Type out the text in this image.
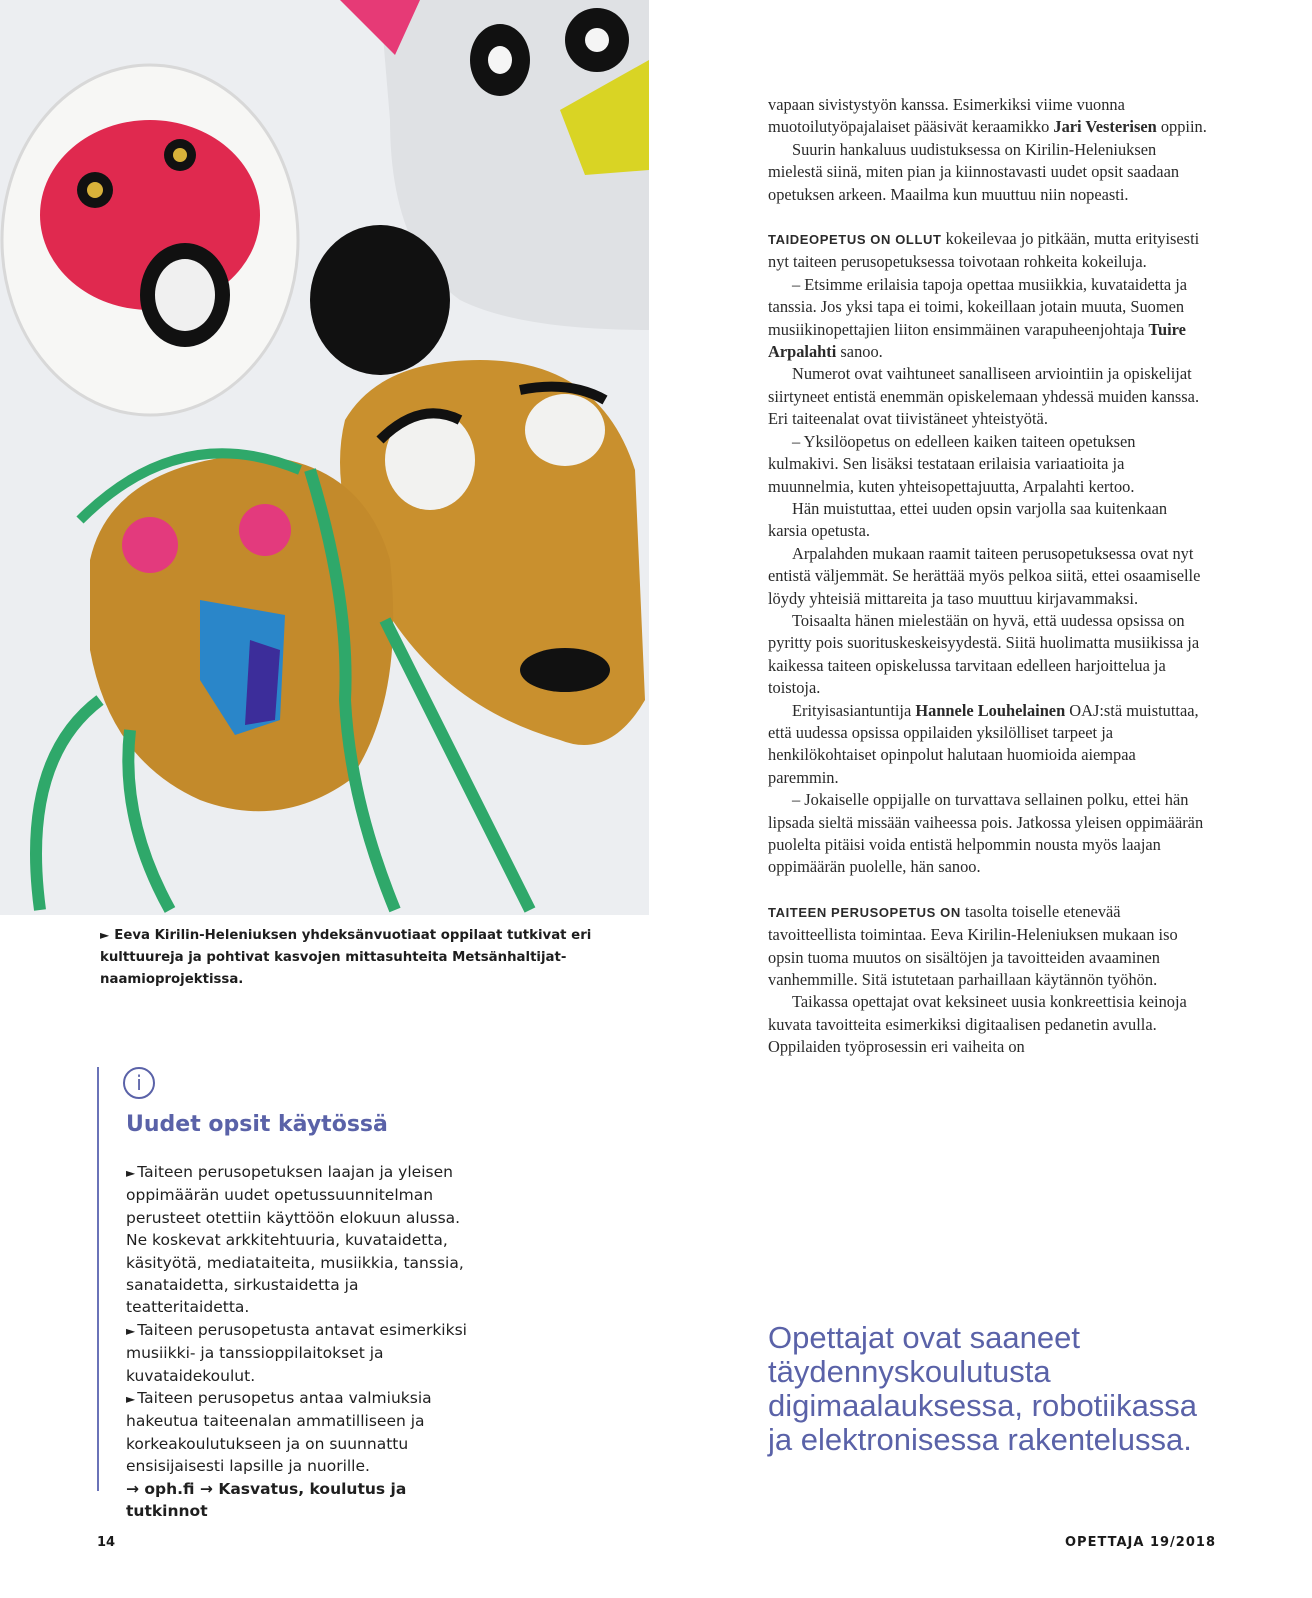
► Eeva Kirilin-Heleniuksen yhdeksänvuotiaat oppilaat tutkivat eri kulttuureja ja pohtivat kasvojen mittasuhteita Metsänhaltijat-naamioprojektissa.
i
Uudet opsit käytössä

► Taiteen perusopetuksen laajan ja yleisen oppimäärän uudet opetussuunnitelman perusteet otettiin käyttöön elokuun alussa. Ne koskevat arkkitehtuuria, kuvataidetta, käsityötä, mediataiteita, musiikkia, tanssia, sanataidetta, sirkustaidetta ja teatteritaidetta.

► Taiteen perusopetusta antavat esimerkiksi musiikki- ja tanssioppilaitokset ja kuvataidekoulut.

► Taiteen perusopetus antaa valmiuksia hakeutua taiteenalan ammatilliseen ja korkeakoulutukseen ja on suunnattu ensisijaisesti lapsille ja nuorille.

→ oph.fi → Kasvatus, koulutus ja tutkinnot

vapaan sivistystyön kanssa. Esimerkiksi viime vuonna muotoilutyöpajalaiset pääsivät keraamikko Jari Vesterisen oppiin.

Suurin hankaluus uudistuksessa on Kirilin-Heleniuksen mielestä siinä, miten pian ja kiinnostavasti uudet opsit saadaan opetuksen arkeen. Maailma kun muuttuu niin nopeasti.

TAIDEOPETUS ON OLLUT kokeilevaa jo pitkään, mutta erityisesti nyt taiteen perusopetuksessa toivotaan rohkeita kokeiluja.

– Etsimme erilaisia tapoja opettaa musiikkia, kuvataidetta ja tanssia. Jos yksi tapa ei toimi, kokeillaan jotain muuta, Suomen musiikinopettajien liiton ensimmäinen varapuheenjohtaja Tuire Arpalahti sanoo.

Numerot ovat vaihtuneet sanalliseen arviointiin ja opiskelijat siirtyneet entistä enemmän opiskelemaan yhdessä muiden kanssa. Eri taiteenalat ovat tiivistäneet yhteistyötä.

– Yksilöopetus on edelleen kaiken taiteen opetuksen kulmakivi. Sen lisäksi testataan erilaisia variaatioita ja muunnelmia, kuten yhteisopettajuutta, Arpalahti kertoo.

Hän muistuttaa, ettei uuden opsin varjolla saa kuitenkaan karsia opetusta.

Arpalahden mukaan raamit taiteen perusopetuksessa ovat nyt entistä väljemmät. Se herättää myös pelkoa siitä, ettei osaamiselle löydy yhteisiä mittareita ja taso muuttuu kirjavammaksi.

Toisaalta hänen mielestään on hyvä, että uudessa opsissa on pyritty pois suorituskeskeisyydestä. Siitä huolimatta musiikissa ja kaikessa taiteen opiskelussa tarvitaan edelleen harjoittelua ja toistoja.

Erityisasiantuntija Hannele Louhelainen OAJ:stä muistuttaa, että uudessa opsissa oppilaiden yksilölliset tarpeet ja henkilökohtaiset opinpolut halutaan huomioida aiempaa paremmin.

– Jokaiselle oppijalle on turvattava sellainen polku, ettei hän lipsada sieltä missään vaiheessa pois. Jatkossa yleisen oppimäärän puolelta pitäisi voida entistä helpommin nousta myös laajan oppimäärän puolelle, hän sanoo.

TAITEEN PERUSOPETUS ON tasolta toiselle etenevää tavoitteellista toimintaa. Eeva Kirilin-Heleniuksen mukaan iso opsin tuoma muutos on sisältöjen ja tavoitteiden avaaminen vanhemmille. Sitä istutetaan parhaillaan käytännön työhön.

Taikassa opettajat ovat keksineet uusia konkreettisia keinoja kuvata tavoitteita esimerkiksi digitaalisen pedanetin avulla. Oppilaiden työprosessin eri vaiheita on

Opettajat ovat saaneet täydennyskoulutusta digimaalauksessa, robotiikassa ja elektronisessa rakentelussa.
14	OPETTAJA 19/2018
